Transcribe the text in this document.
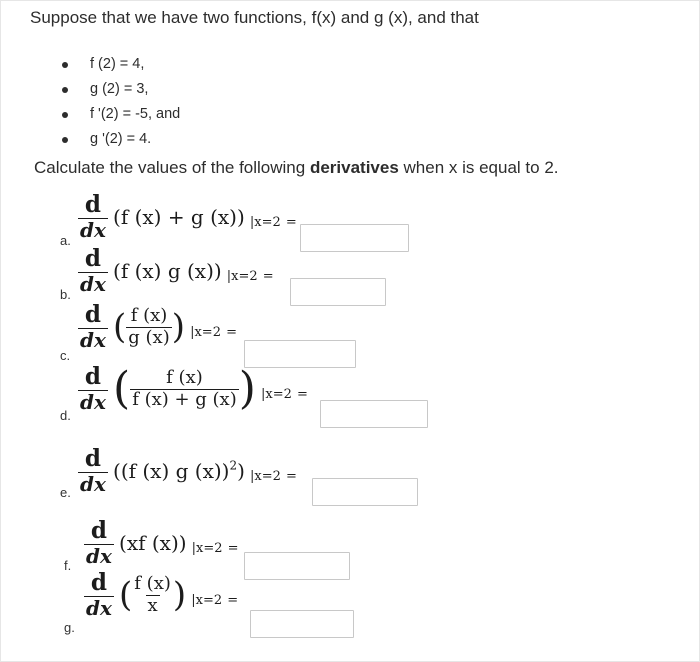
Suppose that we have two functions, f(x) and g (x), and that
f (2) = 4,
g (2) = 3,
f '(2) = -5, and
g '(2) = 4.
Calculate the values of the following derivatives when x is equal to 2.
a. $\frac{d}{dx} (f$ (x) + g (x)) $_{|x=2}$ $_=$
b. $\frac{d}{dx} (f$ (x) g (x)) $_{|x=2}$ $_=$
c.
$\frac{d}{dx}$ ( $\frac{f (x)}{g (x)}$ ) $_{|x=2}$ $_=$
d.
$\frac{d}{dx}$ ( $\frac{f (x)}{f (x) + g (x)}$ ) $_{|x=2}$ $_=$
e. $\frac{d}{dx} ((f$ (x) g (x))$^2$) $_{|x=2}$ $_=$
f. $\frac{d}{dx} (xf$ (x)) $_{|x=2}$ $_=$
g.
$\frac{d}{dx}$ ( $\frac{f (x)}{x}$ ) $_{|x=2}$ $_=$
